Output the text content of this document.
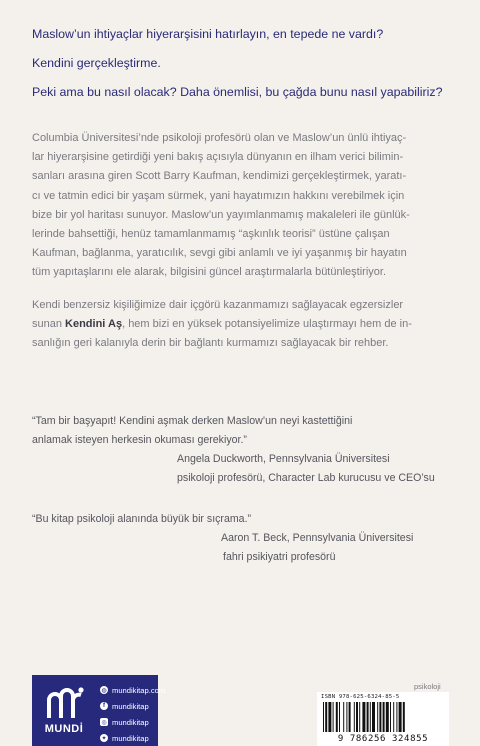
Maslow’un ihtiyaçlar hiyerarşisini hatırlayın, en tepede ne vardı?

Kendini gerçekleştirme.

Peki ama bu nasıl olacak? Daha önemlisi, bu çağda bunu nasıl yapabiliriz?

Columbia Üniversitesi’nde psikoloji profesörü olan ve Maslow’un ünlü ihtiyaç-
lar hiyerarşisine getirdiği yeni bakış açısıyla dünyanın en ilham verici bilimin-
sanları arasına giren Scott Barry Kaufman, kendimizi gerçekleştirmek, yaratı-
cı ve tatmin edici bir yaşam sürmek, yani hayatımızın hakkını verebilmek için
bize bir yol haritası sunuyor. Maslow’un yayımlanmamış makaleleri ile günlük-
lerinde bahsettiği, henüz tamamlanmamış “aşkınlık teorisi” üstüne çalışan
Kaufman, bağlanma, yaratıcılık, sevgi gibi anlamlı ve iyi yaşanmış bir hayatın
tüm yapıtaşlarını ele alarak, bilgisini güncel araştırmalarla bütünleştiriyor.
Kendi benzersiz kişiliğimize dair içgörü kazanmamızı sağlayacak egzersizler
sunan Kendini Aş, hem bizi en yüksek potansiyelimize ulaştırmayı hem de in-
sanlığın geri kalanıyla derin bir bağlantı kurmamızı sağlayacak bir rehber.

“Tam bir başyapıt! Kendini aşmak derken Maslow’un neyi kastettiğini

anlamak isteyen herkesin okuması gerekiyor.”

Angela Duckworth, Pennsylvania Üniversitesi

psikoloji profesörü, Character Lab kurucusu ve CEO’su

“Bu kitap psikoloji alanında büyük bir sıçrama.”

Aaron T. Beck, Pennsylvania Üniversitesi

fahri psikiyatri profesörü

MUNDİ
◍ mundikitap.com
f mundikitap
◎ mundikitap
✦ mundikitap
psikoloji
ISBN 978-625-6324-85-5
9 786256 324855
